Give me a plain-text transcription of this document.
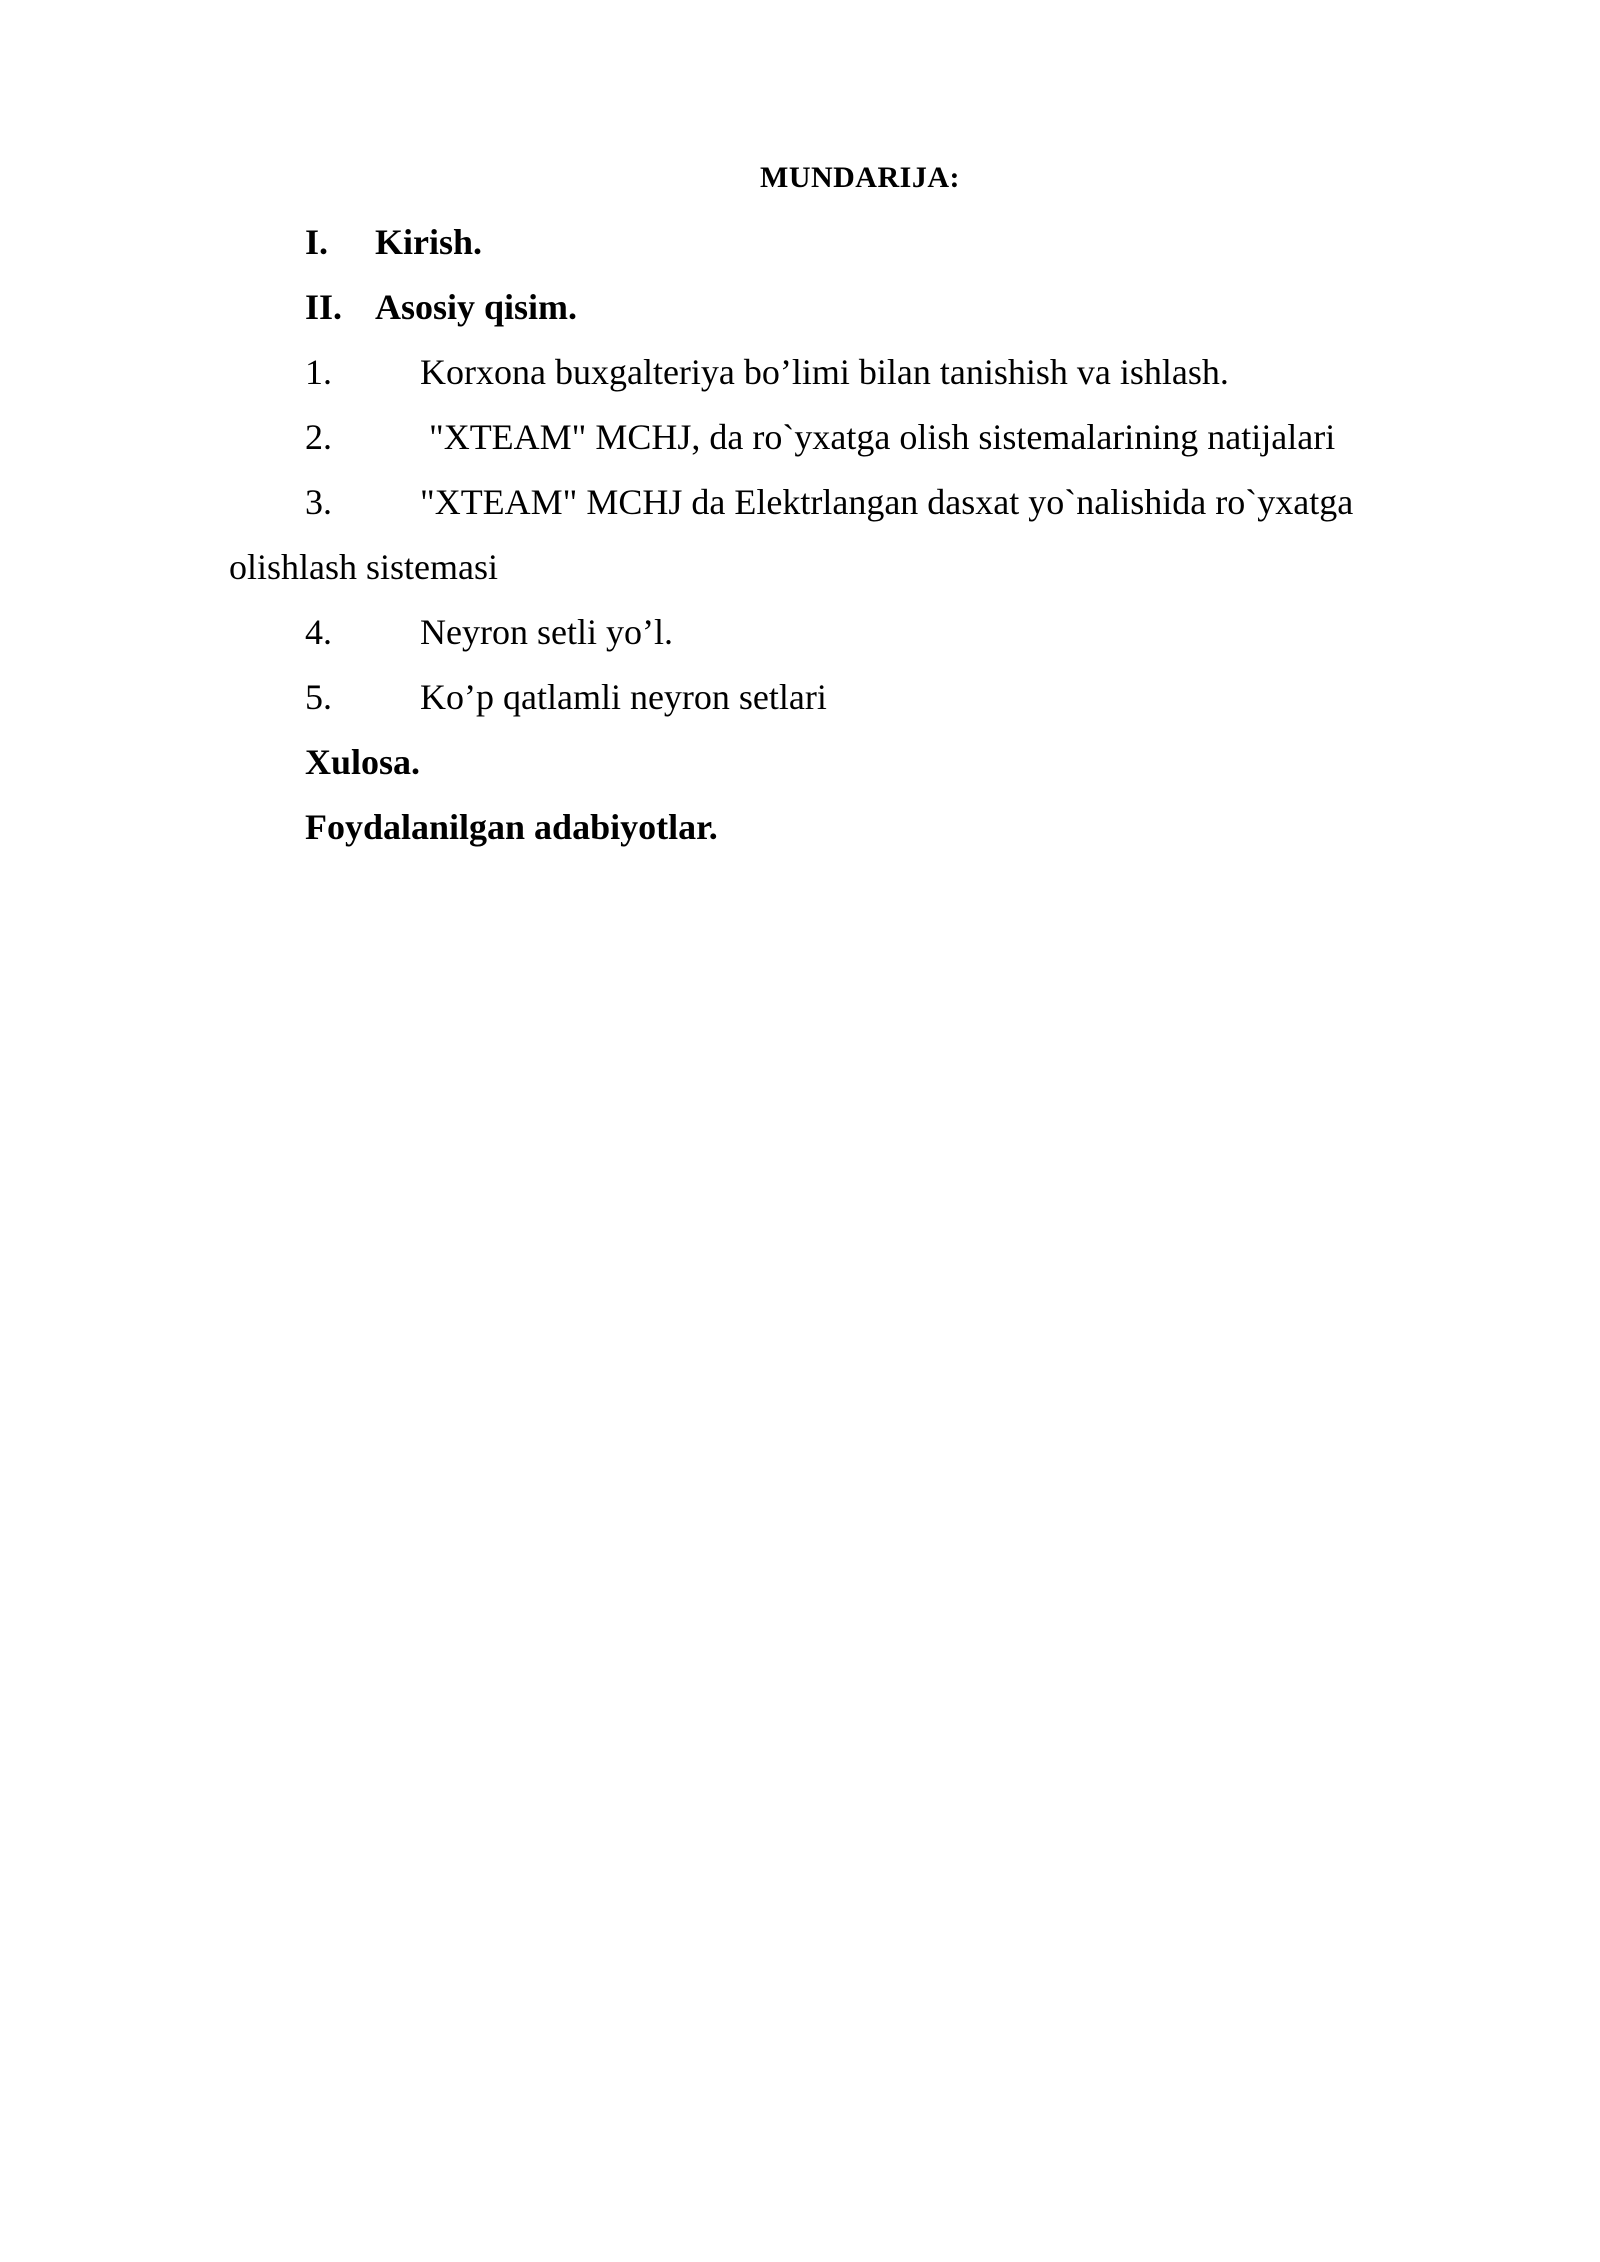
MUNDARIJA:
I. Kirish.
II. Asosiy qisim.
1. Korxona buxgalteriya bo’limi bilan tanishish va ishlash.
2. "XTEAM" MCHJ, da ro`yxatga olish sistemalarining natijalari
3. "XTEAM" MCHJ da Elektrlangan dasxat yo`nalishida ro`yxatga
olishlash sistemasi
4. Neyron setli yo’l.
5. Ko’p qatlamli neyron setlari
Xulosa.
Foydalanilgan adabiyotlar.
